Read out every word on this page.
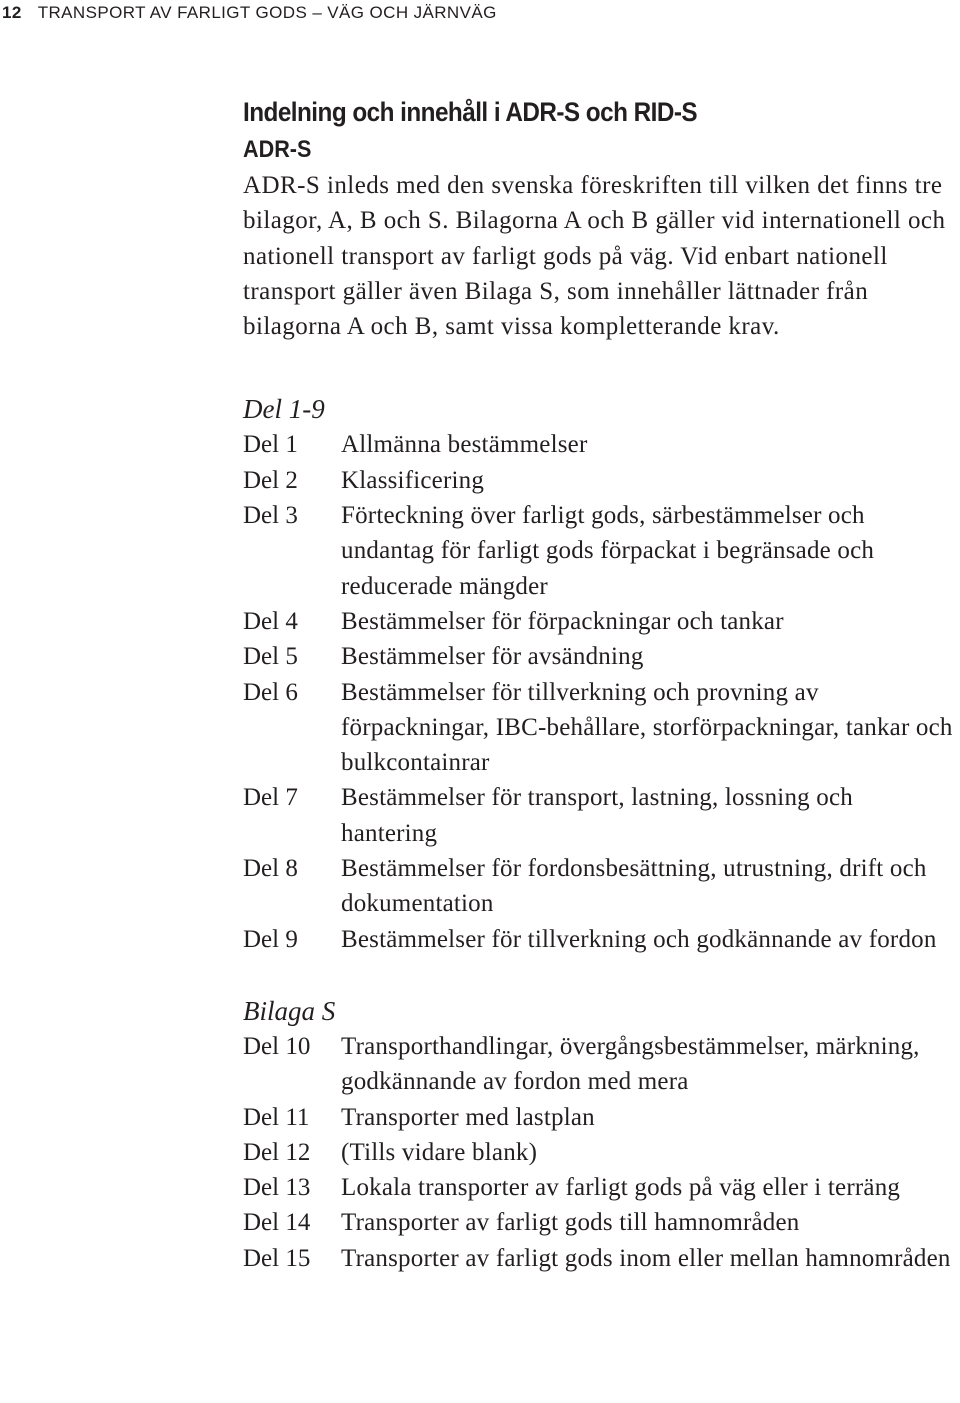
12 TRANSPORT AV FARLIGT GODS – VÄG OCH JÄRNVÄG
Indelning och innehåll i ADR-S och RID-S
ADR-S

ADR-S inleds med den svenska föreskriften till vilken det finns tre bilagor, A, B och S. Bilagorna A och B gäller vid internationell och nationell transport av farligt gods på väg. Vid enbart nationell transport gäller även Bilaga S, som innehåller lättnader från bilagorna A och B, samt vissa kompletterande krav.

Del 1-9
Del 1	Allmänna bestämmelser
Del 2	Klassificering
Del 3	Förteckning över farligt gods, särbestämmelser och undantag för farligt gods förpackat i begränsade och reducerade mängder
Del 4	Bestämmelser för förpackningar och tankar
Del 5	Bestämmelser för avsändning
Del 6	Bestämmelser för tillverkning och provning av förpackningar, IBC-behållare, storförpackningar, tankar och bulkcontainrar
Del 7	Bestämmelser för transport, lastning, lossning och hantering
Del 8	Bestämmelser för fordonsbesättning, utrustning, drift och dokumentation
Del 9	Bestämmelser för tillverkning och godkännande av fordon
Bilaga S
Del 10	Transporthandlingar, övergångsbestämmelser, märkning, godkännande av fordon med mera
Del 11	Transporter med lastplan
Del 12	(Tills vidare blank)
Del 13	Lokala transporter av farligt gods på väg eller i terräng
Del 14	Transporter av farligt gods till hamnområden
Del 15	Transporter av farligt gods inom eller mellan hamnområden
